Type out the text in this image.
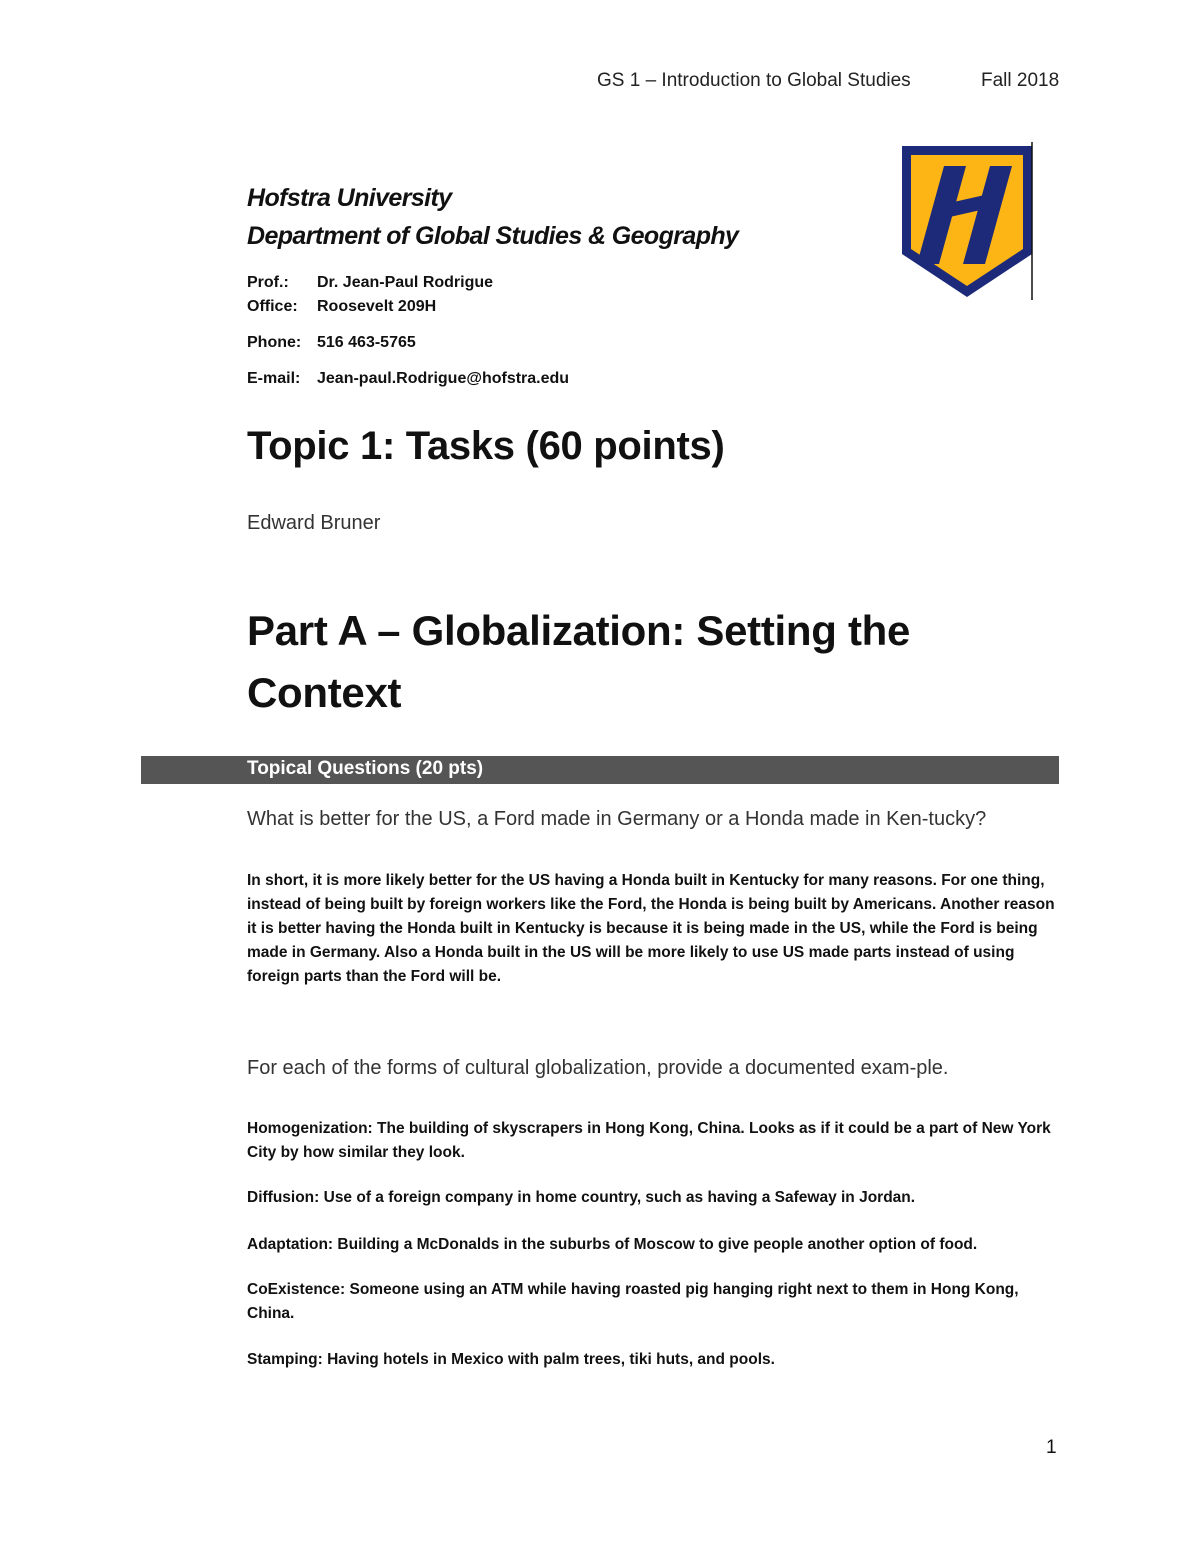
GS 1 – Introduction to Global Studies	Fall 2018
Hofstra University
Department of Global Studies & Geography
Prof.: Dr. Jean-Paul Rodrigue
Office: Roosevelt 209H
Phone: 516 463-5765
E-mail: Jean-paul.Rodrigue@hofstra.edu
Topic 1: Tasks (60 points)
Edward Bruner
Part A – Globalization: Setting the Context
Topical Questions (20 pts)
What is better for the US, a Ford made in Germany or a Honda made in Ken-tucky?
In short, it is more likely better for the US having a Honda built in Kentucky for many reasons. For one thing, instead of being built by foreign workers like the Ford, the Honda is being built by Americans. Another reason it is better having the Honda built in Kentucky is because it is being made in the US, while the Ford is being made in Germany. Also a Honda built in the US will be more likely to use US made parts instead of using foreign parts than the Ford will be.
For each of the forms of cultural globalization, provide a documented exam-ple.
Homogenization: The building of skyscrapers in Hong Kong, China. Looks as if it could be a part of New York City by how similar they look.
Diffusion: Use of a foreign company in home country, such as having a Safeway in Jordan.
Adaptation: Building a McDonalds in the suburbs of Moscow to give people another option of food.
CoExistence: Someone using an ATM while having roasted pig hanging right next to them in Hong Kong, China.
Stamping: Having hotels in Mexico with palm trees, tiki huts, and pools.
1
